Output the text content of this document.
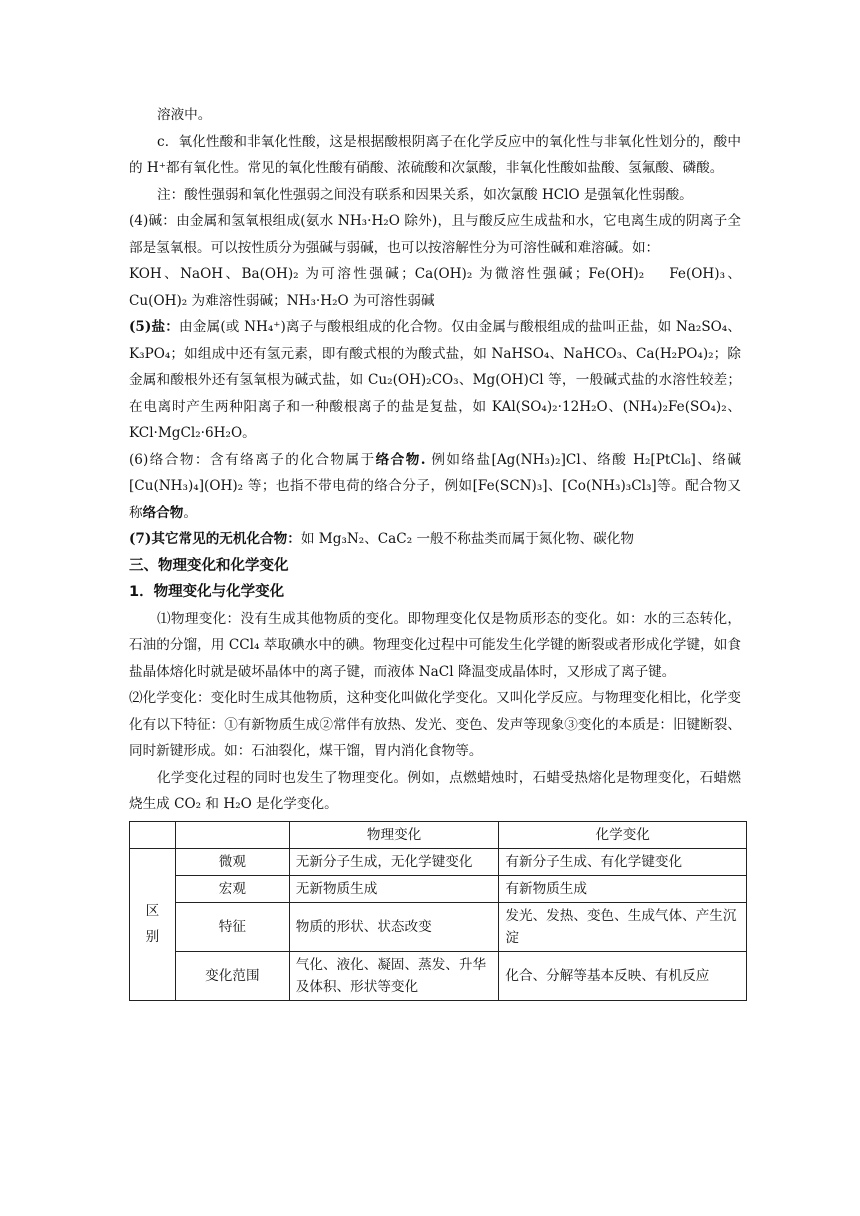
溶液中。

c．氧化性酸和非氧化性酸，这是根据酸根阴离子在化学反应中的氧化性与非氧化性划分的，酸中的 H⁺都有氧化性。常见的氧化性酸有硝酸、浓硫酸和次氯酸，非氧化性酸如盐酸、氢氟酸、磷酸。

注：酸性强弱和氧化性强弱之间没有联系和因果关系，如次氯酸 HClO 是强氧化性弱酸。

(4)碱：由金属和氢氧根组成(氨水 NH₃·H₂O 除外)，且与酸反应生成盐和水，它电离生成的阴离子全部是氢氧根。可以按性质分为强碱与弱碱，也可以按溶解性分为可溶性碱和难溶碱。如：

KOH、NaOH、Ba(OH)₂ 为可溶性强碱；Ca(OH)₂ 为微溶性强碱；Fe(OH)₂　 Fe(OH)₃、Cu(OH)₂ 为难溶性弱碱；NH₃·H₂O 为可溶性弱碱

(5)盐：由金属(或 NH₄⁺)离子与酸根组成的化合物。仅由金属与酸根组成的盐叫正盐，如 Na₂SO₄、K₃PO₄；如组成中还有氢元素，即有酸式根的为酸式盐，如 NaHSO₄、NaHCO₃、Ca(H₂PO₄)₂；除金属和酸根外还有氢氧根为碱式盐，如 Cu₂(OH)₂CO₃、Mg(OH)Cl 等，一般碱式盐的水溶性较差；在电离时产生两种阳离子和一种酸根离子的盐是复盐，如 KAl(SO₄)₂·12H₂O、(NH₄)₂Fe(SO₄)₂、KCl·MgCl₂·6H₂O。

(6)络合物：含有络离子的化合物属于络合物. 例如络盐[Ag(NH₃)₂]Cl、络酸 H₂[PtCl₆]、络碱[Cu(NH₃)₄](OH)₂ 等；也指不带电荷的络合分子，例如[Fe(SCN)₃]、[Co(NH₃)₃Cl₃]等。配合物又称络合物。

(7)其它常见的无机化合物：如 Mg₃N₂、CaC₂ 一般不称盐类而属于氮化物、碳化物

三、物理变化和化学变化

1．物理变化与化学变化

⑴物理变化：没有生成其他物质的变化。即物理变化仅是物质形态的变化。如：水的三态转化，石油的分馏，用 CCl₄ 萃取碘水中的碘。物理变化过程中可能发生化学键的断裂或者形成化学键，如食盐晶体熔化时就是破坏晶体中的离子键，而液体 NaCl 降温变成晶体时，又形成了离子键。

⑵化学变化：变化时生成其他物质，这种变化叫做化学变化。又叫化学反应。与物理变化相比，化学变化有以下特征：①有新物质生成②常伴有放热、发光、变色、发声等现象③变化的本质是：旧键断裂、同时新键形成。如：石油裂化，煤干馏，胃内消化食物等。

化学变化过程的同时也发生了物理变化。例如，点燃蜡烛时，石蜡受热熔化是物理变化，石蜡燃烧生成 CO₂ 和 H₂O 是化学变化。

		物理变化	化学变化
区
别	微观	无新分子生成，无化学键变化	有新分子生成、有化学键变化
	宏观	无新物质生成	有新物质生成
	特征	物质的形状、状态改变	发光、发热、变色、生成气体、产生沉淀
	变化范围	气化、液化、凝固、蒸发、升华及体积、形状等变化	化合、分解等基本反映、有机反应
